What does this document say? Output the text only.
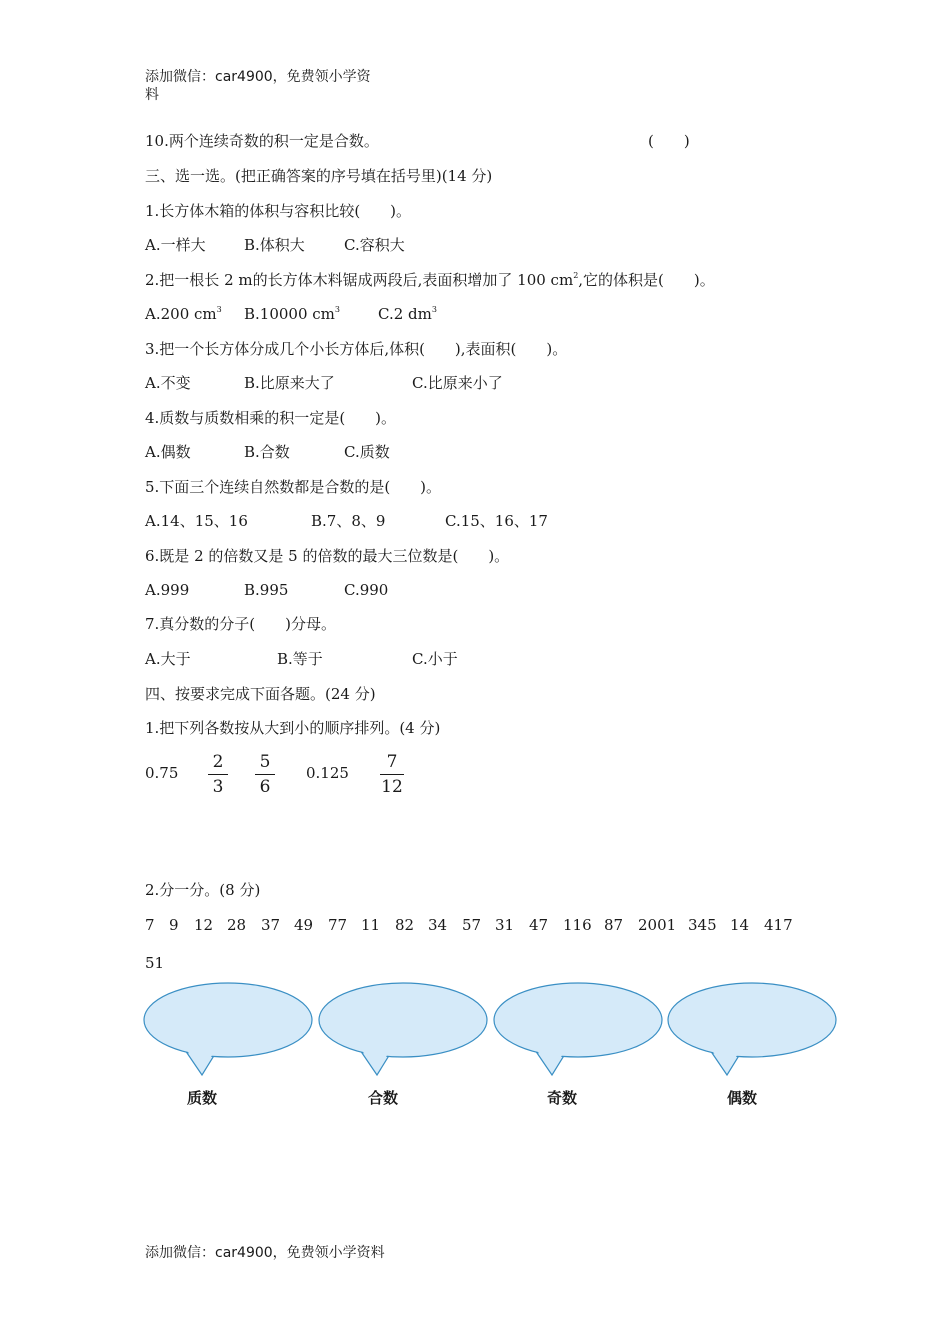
添加微信：car4900，免费领小学资
料
10.两个连续奇数的积一定是合数。	(　　)
三、选一选。(把正确答案的序号填在括号里)(14 分)
1.长方体木箱的体积与容积比较(　　)。
A.一样大	B.体积大	C.容积大
2.把一根长 2 m的长方体木料锯成两段后,表面积增加了 100 $cm^2$,它的体积是(　　)。
A.200 $cm^3$ B.10000 $cm^3$	C.2 $dm^3$
3.把一个长方体分成几个小长方体后,体积(　　),表面积(　　)。
A.不变	B.比原来大了	C.比原来小了
4.质数与质数相乘的积一定是(　　)。
A.偶数	B.合数	C.质数
5.下面三个连续自然数都是合数的是(　　)。
A.14、15、16	B.7、8、9	C.15、16、17
6.既是 2 的倍数又是 5 的倍数的最大三位数是(　　)。
A.999	B.995	C.990
7.真分数的分子(　　)分母。
A.大于	B.等于	C.小于
四、按要求完成下面各题。(24 分)
1.把下列各数按从大到小的顺序排列。(4 分)
0.75
2
3
5
6
0.125
7
12
2.分一分。(8 分)
7 9 12 28 37 49 77 11 82 34 57 31 47 116 87 2001 345 14 417
51
质数	合数	奇数	偶数
添加微信：car4900，免费领小学资料
